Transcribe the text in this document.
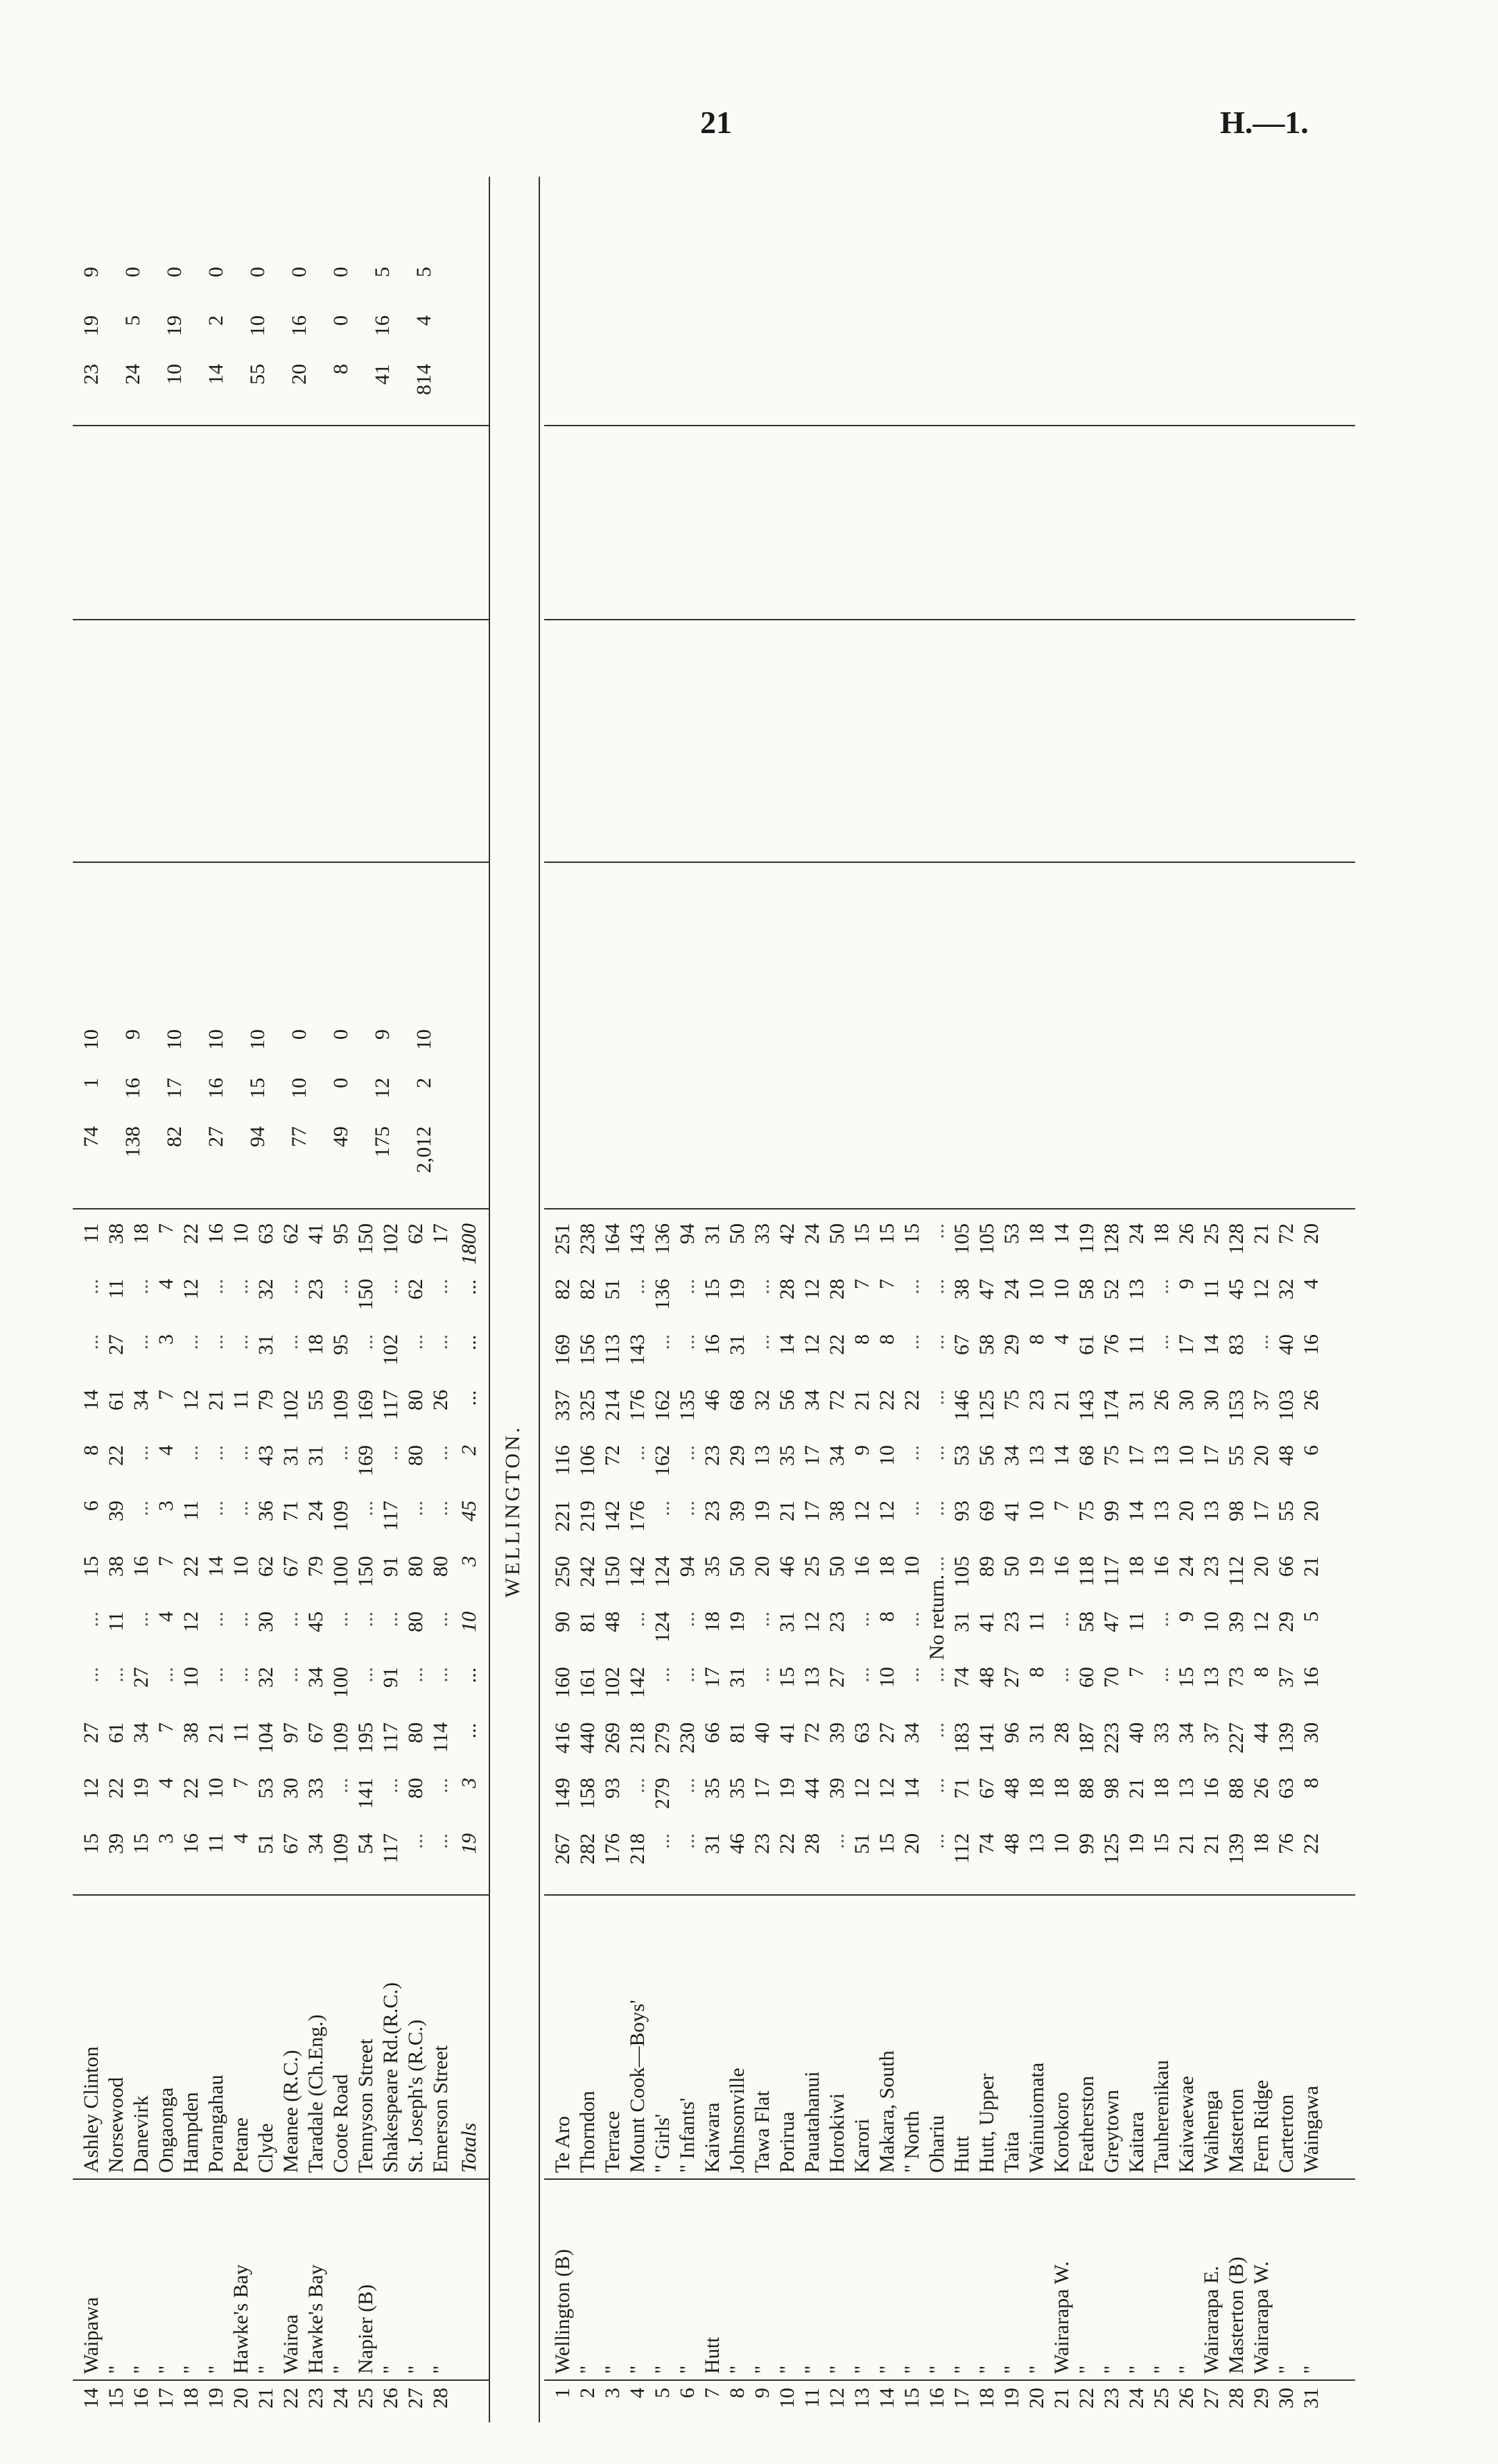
21	H.—1.
14
Waipawa
Ashley Clinton
15
12
27
...
...
15
6
8
14
...
...
11
15
"
Norsewood
39
22
61
...
11
38
39
22
61
27
11
38
16
"
Danevirk
15
19
34
27
...
16
...
...
34
...
...
18
17
"
Ongaonga
3
4
7
...
4
7
3
4
7
3
4
7
18
"
Hampden
16
22
38
10
12
22
11
...
12
...
12
22
19
"
Porangahau
11
10
21
...
...
14
...
...
21
...
...
16
20
Hawke's Bay
Petane
4
7
11
...
...
10
...
...
11
...
...
10
21
"
Clyde
51
53
104
32
30
62
36
43
79
31
32
63
22
Wairoa
Meanee (R.C.)
67
30
97
...
...
67
71
31
102
...
...
62
23
Hawke's Bay
Taradale (Ch.Eng.)
34
33
67
34
45
79
24
31
55
18
23
41
24
"
Coote Road
109
...
109
100
...
100
109
...
109
95
...
95
25
Napier (B)
Tennyson Street
54
141
195
...
...
150
...
169
169
...
150
150
26
"
Shakespeare Rd.(R.C.)
117
...
117
91
...
91
117
...
117
102
...
102
27
"
St. Joseph's (R.C.)
...
80
80
...
80
80
...
80
80
...
62
62
28
"
Emerson Street
...
...
114
...
...
80
...
...
26
...
...
17
Totals
19
3
...
...
10
3
45
2
...
...
...
1800
74
1
10
138
16
9
82
17
10
27
16
10
94
15
10
77
10
0
49
0
0
175
12
9
2,012
2
10
23
19
9
24
5
0
10
19
0
14
2
0
55
10
0
20
16
0
8
0
0
41
16
5
814
4
5
WELLINGTON.
1
Wellington (B)
Te Aro
267
149
416
160
90
250
221
116
337
169
82
251
2
"
Thorndon
282
158
440
161
81
242
219
106
325
156
82
238
3
"
Terrace
176
93
269
102
48
150
142
72
214
113
51
164
4
"
Mount Cook—Boys'
218
...
218
142
...
142
176
...
176
143
...
143
5
"
" Girls'
...
279
279
...
124
124
...
162
162
...
136
136
6
"
" Infants'
...
...
230
...
...
94
...
...
135
...
...
94
7
Hutt
Kaiwara
31
35
66
17
18
35
23
23
46
16
15
31
8
"
Johnsonville
46
35
81
31
19
50
39
29
68
31
19
50
9
"
Tawa Flat
23
17
40
...
...
20
19
13
32
...
...
33
10
"
Porirua
22
19
41
15
31
46
21
35
56
14
28
42
11
"
Pauatahanui
28
44
72
13
12
25
17
17
34
12
12
24
12
"
Horokiwi
...
39
39
27
23
50
38
34
72
22
28
50
13
"
Karori
51
12
63
...
...
16
12
9
21
8
7
15
14
"
Makara, South
15
12
27
10
8
18
12
10
22
8
7
15
15
"
" North
20
14
34
...
...
10
...
...
22
...
...
15
16
"
Ohariu
...
...
...
...
No return.
...
...
...
...
...
...
...
17
"
Hutt
112
71
183
74
31
105
93
53
146
67
38
105
18
"
Hutt, Upper
74
67
141
48
41
89
69
56
125
58
47
105
19
"
Taita
48
48
96
27
23
50
41
34
75
29
24
53
20
"
Wainuiomata
13
18
31
8
11
19
10
13
23
8
10
18
21
Wairarapa W.
Korokoro
10
18
28
...
...
16
7
14
21
4
10
14
22
"
Featherston
99
88
187
60
58
118
75
68
143
61
58
119
23
"
Greytown
125
98
223
70
47
117
99
75
174
76
52
128
24
"
Kaitara
19
21
40
7
11
18
14
17
31
11
13
24
25
"
Tauherenikau
15
18
33
...
...
16
13
13
26
...
...
18
26
"
Kaiwaewae
21
13
34
15
9
24
20
10
30
17
9
26
27
Wairarapa E.
Waihenga
21
16
37
13
10
23
13
17
30
14
11
25
28
Masterton (B)
Masterton
139
88
227
73
39
112
98
55
153
83
45
128
29
Wairarapa W.
Fern Ridge
18
26
44
8
12
20
17
20
37
...
12
21
30
"
Carterton
76
63
139
37
29
66
55
48
103
40
32
72
31
"
Waingawa
22
8
30
16
5
21
20
6
26
16
4
20
